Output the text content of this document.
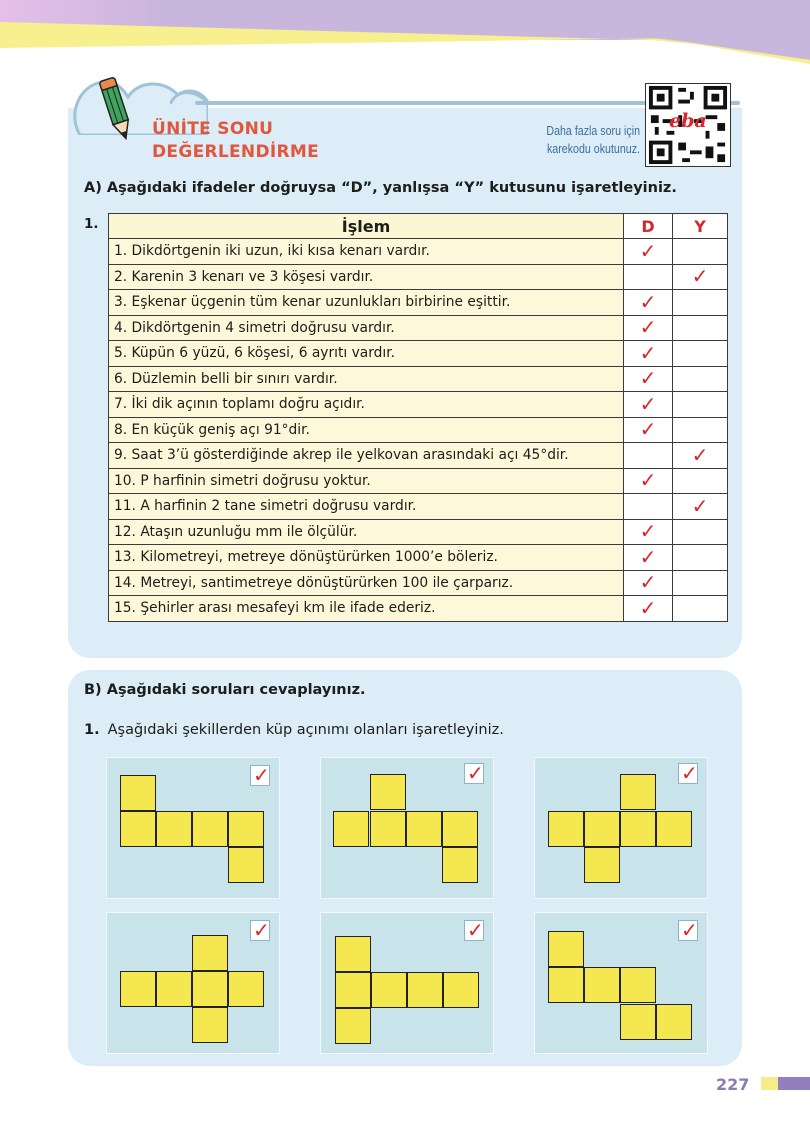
ÜNİTE SONU
DEĞERLENDİRME
Daha fazla soru için
karekodu okutunuz.
eba
A) Aşağıdaki ifadeler doğruysa “D”, yanlışsa “Y” kutusunu işaretleyiniz.
1.	İşlem	D	Y
1. Dikdörtgenin iki uzun, iki kısa kenarı vardır.	✓	
2. Karenin 3 kenarı ve 3 köşesi vardır.		✓
3. Eşkenar üçgenin tüm kenar uzunlukları birbirine eşittir.	✓	
4. Dikdörtgenin 4 simetri doğrusu vardır.	✓	
5. Küpün 6 yüzü, 6 köşesi, 6 ayrıtı vardır.	✓	
6. Düzlemin belli bir sınırı vardır.	✓	
7. İki dik açının toplamı doğru açıdır.	✓	
8. En küçük geniş açı 91°dir.	✓	
9. Saat 3’ü gösterdiğinde akrep ile yelkovan arasındaki açı 45°dir.		✓
10. P harfinin simetri doğrusu yoktur.	✓	
11. A harfinin 2 tane simetri doğrusu vardır.		✓
12. Ataşın uzunluğu mm ile ölçülür.	✓	
13. Kilometreyi, metreye dönüştürürken 1000’e böleriz.	✓	
14. Metreyi, santimetreye dönüştürürken 100 ile çarparız.	✓	
15. Şehirler arası mesafeyi km ile ifade ederiz.	✓	
B) Aşağıdaki soruları cevaplayınız.
1. Aşağıdaki şekillerden küp açınımı olanları işaretleyiniz.
✓	✓	✓
✓	✓	✓
227
